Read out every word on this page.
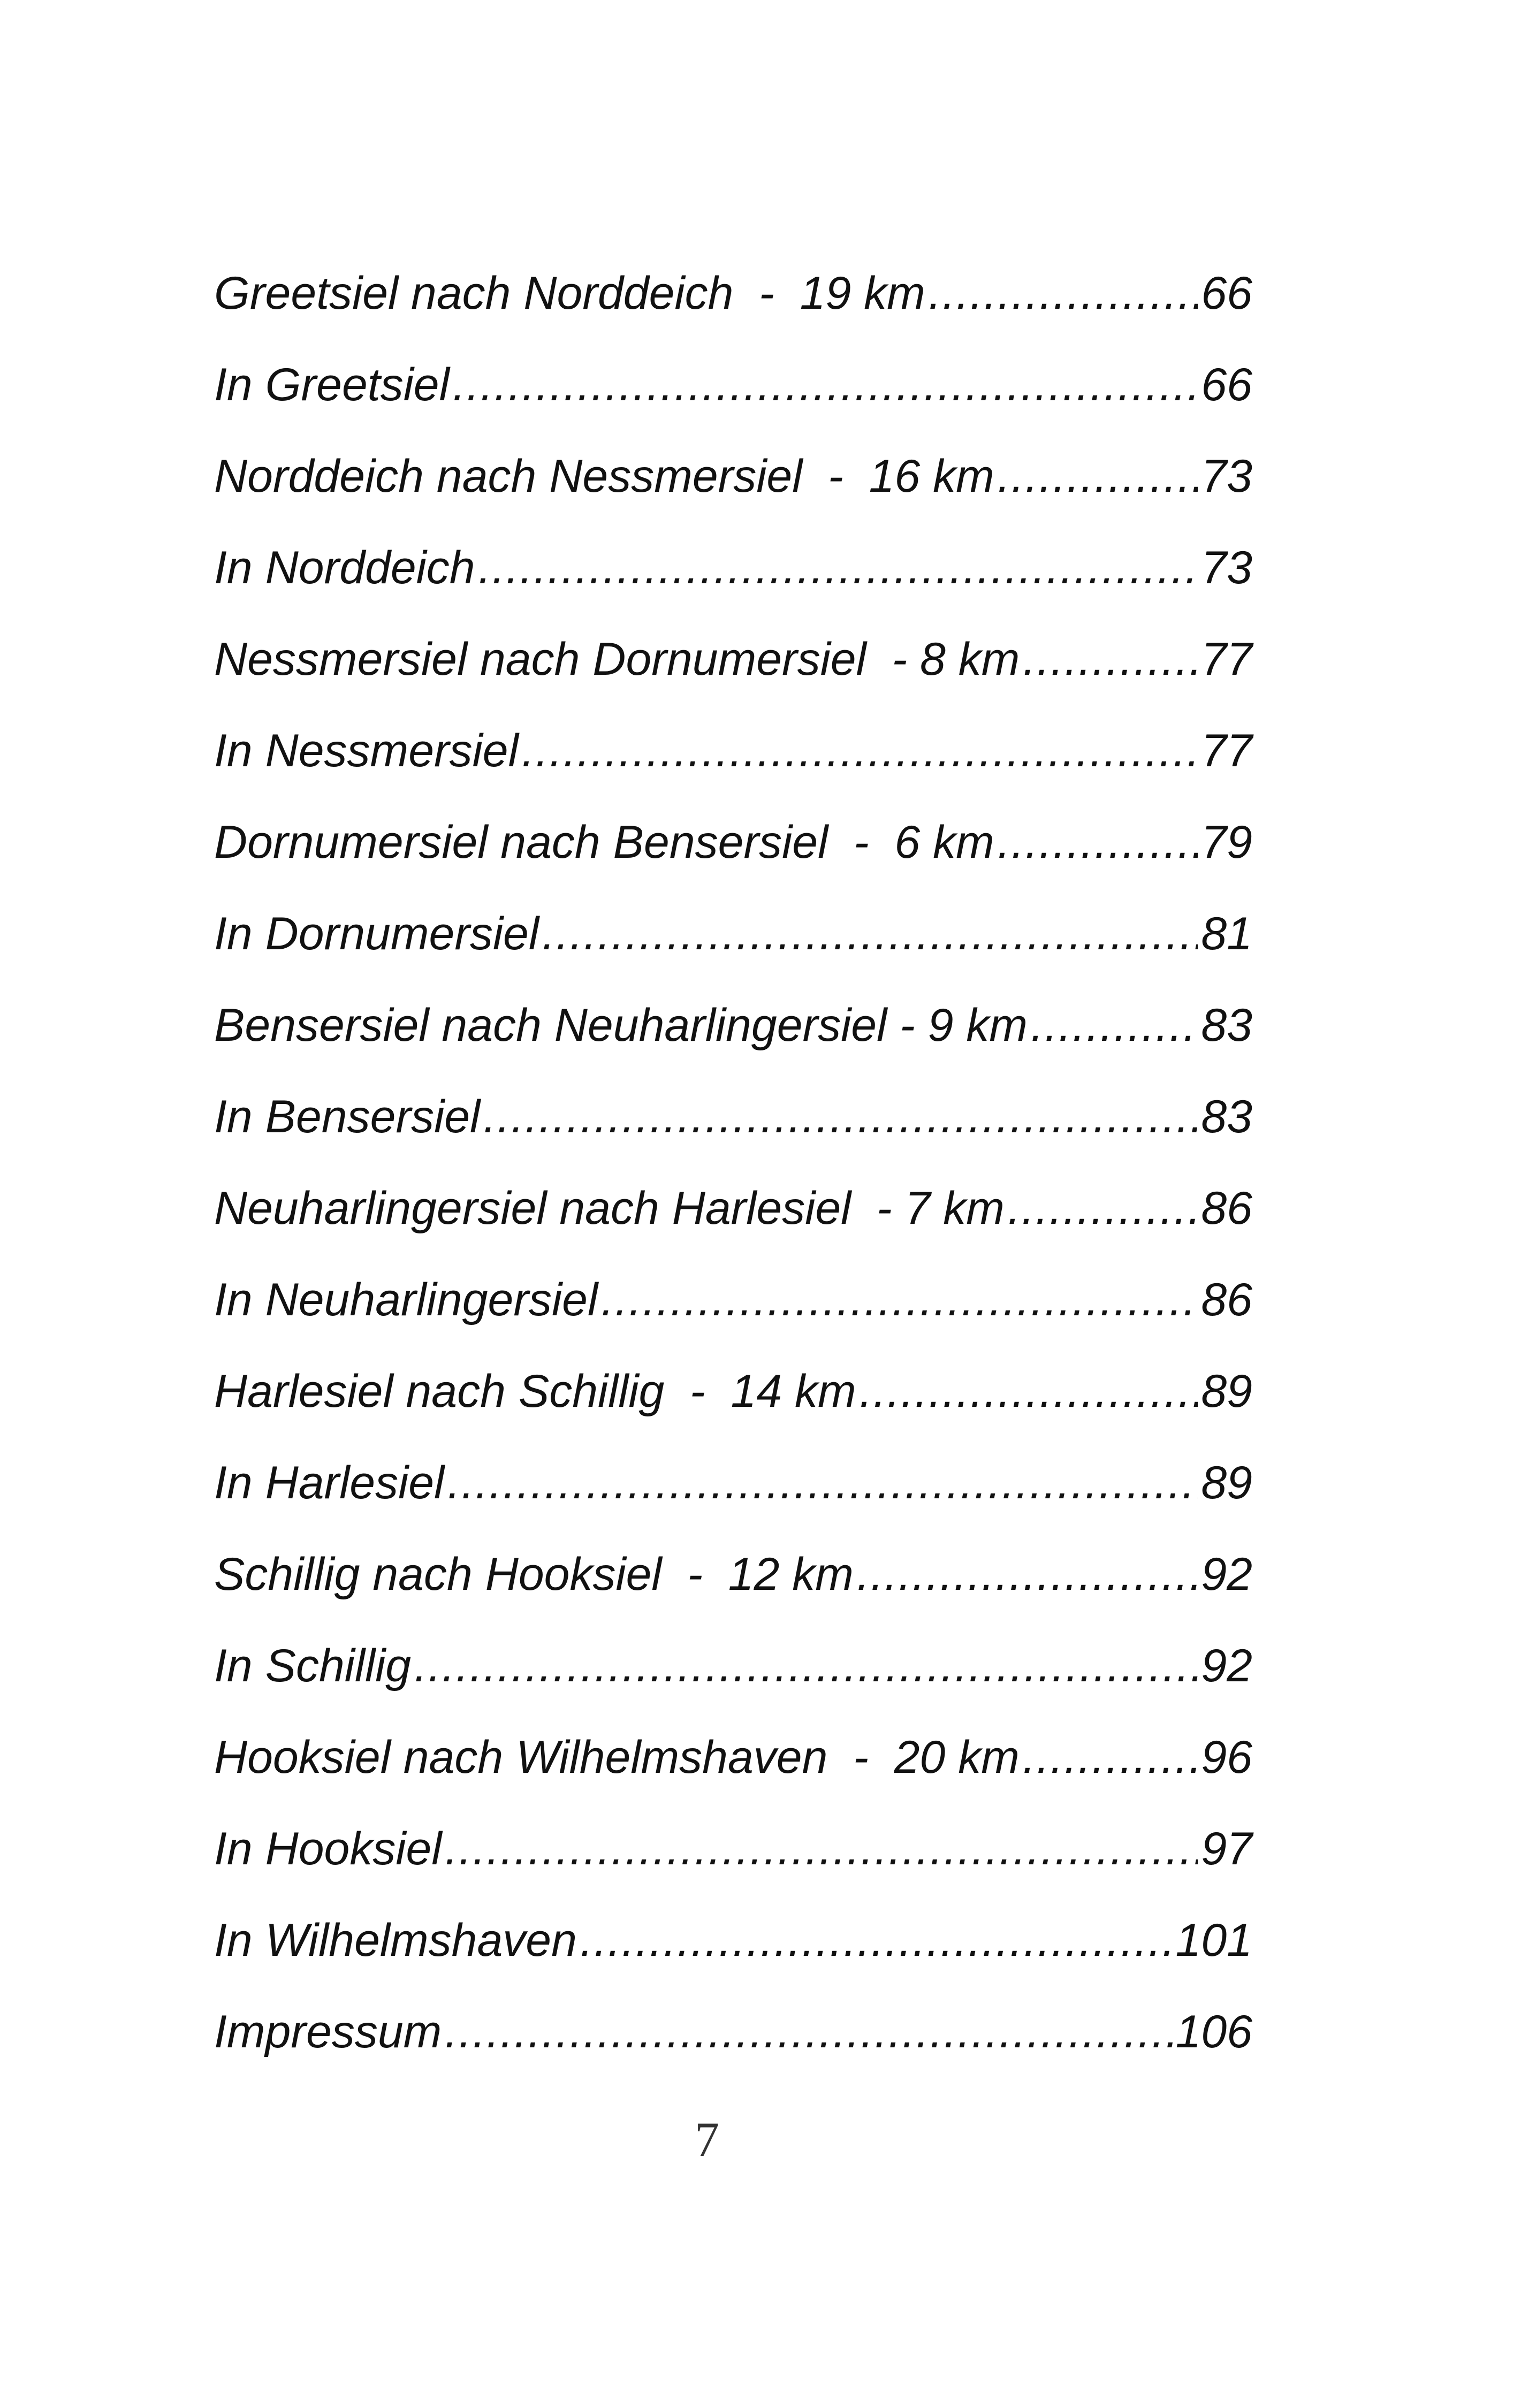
Greetsiel nach Norddeich  -  19 km .....	66
In Greetsiel .....	66
Norddeich nach Nessmersiel  -  16 km .....	73
In Norddeich .....	73
Nessmersiel nach Dornumersiel  - 8 km .....	77
In Nessmersiel .....	77
Dornumersiel nach Bensersiel  -  6 km .....	79
In Dornumersiel .....	81
Bensersiel nach Neuharlingersiel - 9 km .....	83
In Bensersiel .....	83
Neuharlingersiel nach Harlesiel  - 7 km .....	86
In Neuharlingersiel .....	86
Harlesiel nach Schillig  -  14 km .....	89
In Harlesiel .....	89
Schillig nach Hooksiel  -  12 km .....	92
In Schillig .....	92
Hooksiel nach Wilhelmshaven  -  20 km .....	96
In Hooksiel .....	97
In Wilhelmshaven .....	101
Impressum .....	106
7
